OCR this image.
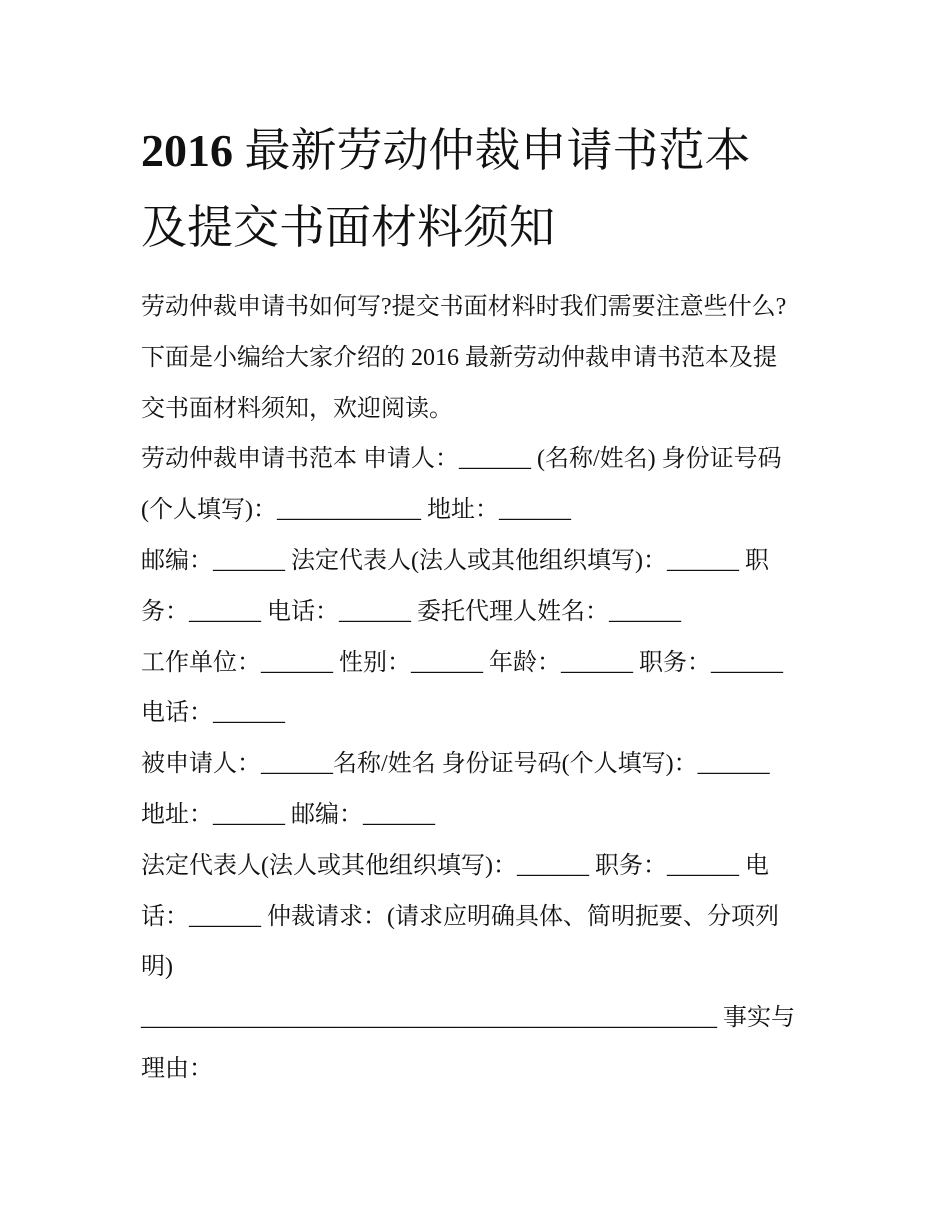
2016 最新劳动仲裁申请书范本
及提交书面材料须知
劳动仲裁申请书如何写?提交书面材料时我们需要注意些什么?
下面是小编给大家介绍的 2016 最新劳动仲裁申请书范本及提
交书面材料须知，欢迎阅读。
劳动仲裁申请书范本 申请人：______ (名称/姓名) 身份证号码
(个人填写)：____________ 地址：______
邮编：______ 法定代表人(法人或其他组织填写)：______ 职
务：______ 电话：______ 委托代理人姓名：______
工作单位：______ 性别：______ 年龄：______ 职务：______
电话：______
被申请人：______名称/姓名 身份证号码(个人填写)：______
地址：______ 邮编：______
法定代表人(法人或其他组织填写)：______ 职务：______ 电
话：______ 仲裁请求：(请求应明确具体、简明扼要、分项列
明)
________________________________________________ 事实与
理由：
